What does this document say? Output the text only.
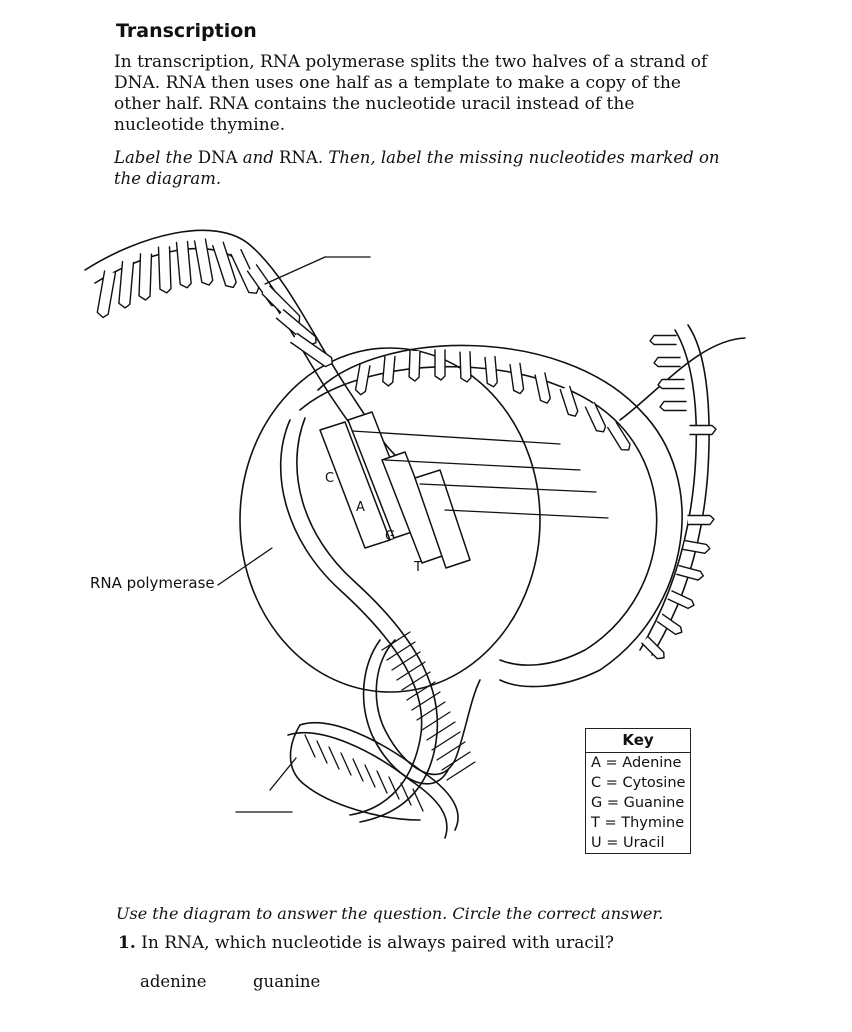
Transcription
In transcription, RNA polymerase splits the two halves of a strand of DNA. RNA then uses one half as a template to make a copy of the other half. RNA contains the nucleotide uracil instead of the nucleotide thymine.
Label the DNA and RNA. Then, label the missing nucleotides marked on the diagram.
RNA polymerase
C
A
G
T
Key
A = Adenine
C = Cytosine
G = Guanine
T = Thymine
U = Uracil
Use the diagram to answer the question. Circle the correct answer.
1. In RNA, which nucleotide is always paired with uracil?
adenine	guanine
